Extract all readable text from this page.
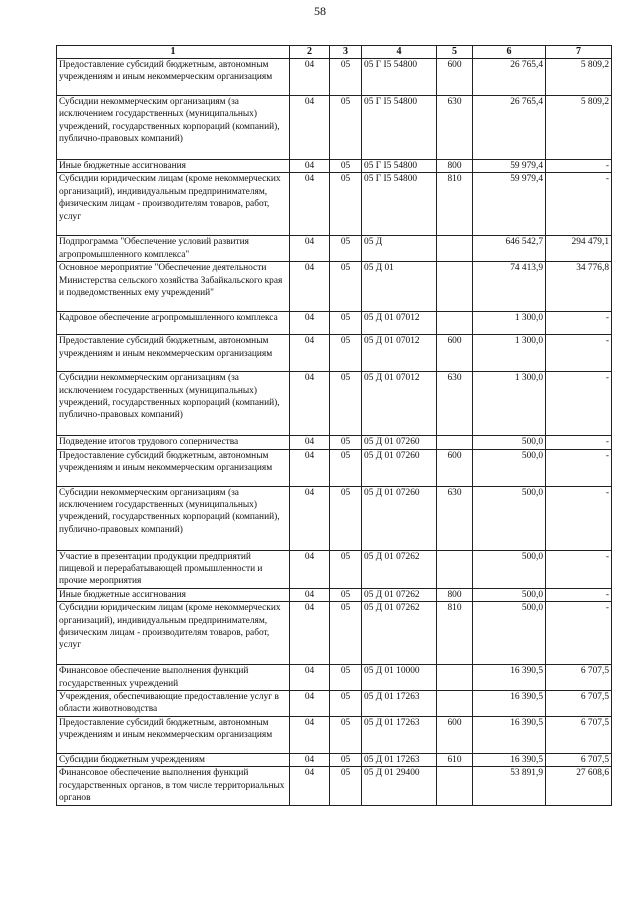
58
1	2	3	4	5	6	7
Предоставление субсидий бюджетным, автономным учреждениям и иным некоммерческим организациям	04	05	05 Г I5 54800	600	26 765,4	5 809,2
Субсидии некоммерческим организациям (за исключением государственных (муниципальных) учреждений, государственных корпораций (компаний), публично-правовых компаний)	04	05	05 Г I5 54800	630	26 765,4	5 809,2
Иные бюджетные ассигнования	04	05	05 Г I5 54800	800	59 979,4	-
Субсидии юридическим лицам (кроме некоммерческих организаций), индивидуальным предпринимателям, физическим лицам - производителям товаров, работ, услуг	04	05	05 Г I5 54800	810	59 979,4	-
Подпрограмма "Обеспечение условий развития агропромышленного комплекса"	04	05	05 Д		646 542,7	294 479,1
Основное мероприятие "Обеспечение деятельности Министерства сельского хозяйства Забайкальского края и подведомственных ему учреждений"	04	05	05 Д 01		74 413,9	34 776,8
Кадровое обеспечение агропромышленного комплекса	04	05	05 Д 01 07012		1 300,0	-
Предоставление субсидий бюджетным, автономным учреждениям и иным некоммерческим организациям	04	05	05 Д 01 07012	600	1 300,0	-
Субсидии некоммерческим организациям (за исключением государственных (муниципальных) учреждений, государственных корпораций (компаний), публично-правовых компаний)	04	05	05 Д 01 07012	630	1 300,0	-
Подведение итогов трудового соперничества	04	05	05 Д 01 07260		500,0	-
Предоставление субсидий бюджетным, автономным учреждениям и иным некоммерческим организациям	04	05	05 Д 01 07260	600	500,0	-
Субсидии некоммерческим организациям (за исключением государственных (муниципальных) учреждений, государственных корпораций (компаний), публично-правовых компаний)	04	05	05 Д 01 07260	630	500,0	-
Участие в презентации продукции предприятий пищевой и перерабатывающей промышленности и прочие мероприятия	04	05	05 Д 01 07262		500,0	-
Иные бюджетные ассигнования	04	05	05 Д 01 07262	800	500,0	-
Субсидии юридическим лицам (кроме некоммерческих организаций), индивидуальным предпринимателям, физическим лицам - производителям товаров, работ, услуг	04	05	05 Д 01 07262	810	500,0	-
Финансовое обеспечение выполнения функций государственных учреждений	04	05	05 Д 01 10000		16 390,5	6 707,5
Учреждения, обеспечивающие предоставление услуг в области животноводства	04	05	05 Д 01 17263		16 390,5	6 707,5
Предоставление субсидий бюджетным, автономным учреждениям и иным некоммерческим организациям	04	05	05 Д 01 17263	600	16 390,5	6 707,5
Субсидии бюджетным учреждениям	04	05	05 Д 01 17263	610	16 390,5	6 707,5
Финансовое обеспечение выполнения функций государственных органов, в том числе территориальных органов	04	05	05 Д 01 29400		53 891,9	27 608,6
